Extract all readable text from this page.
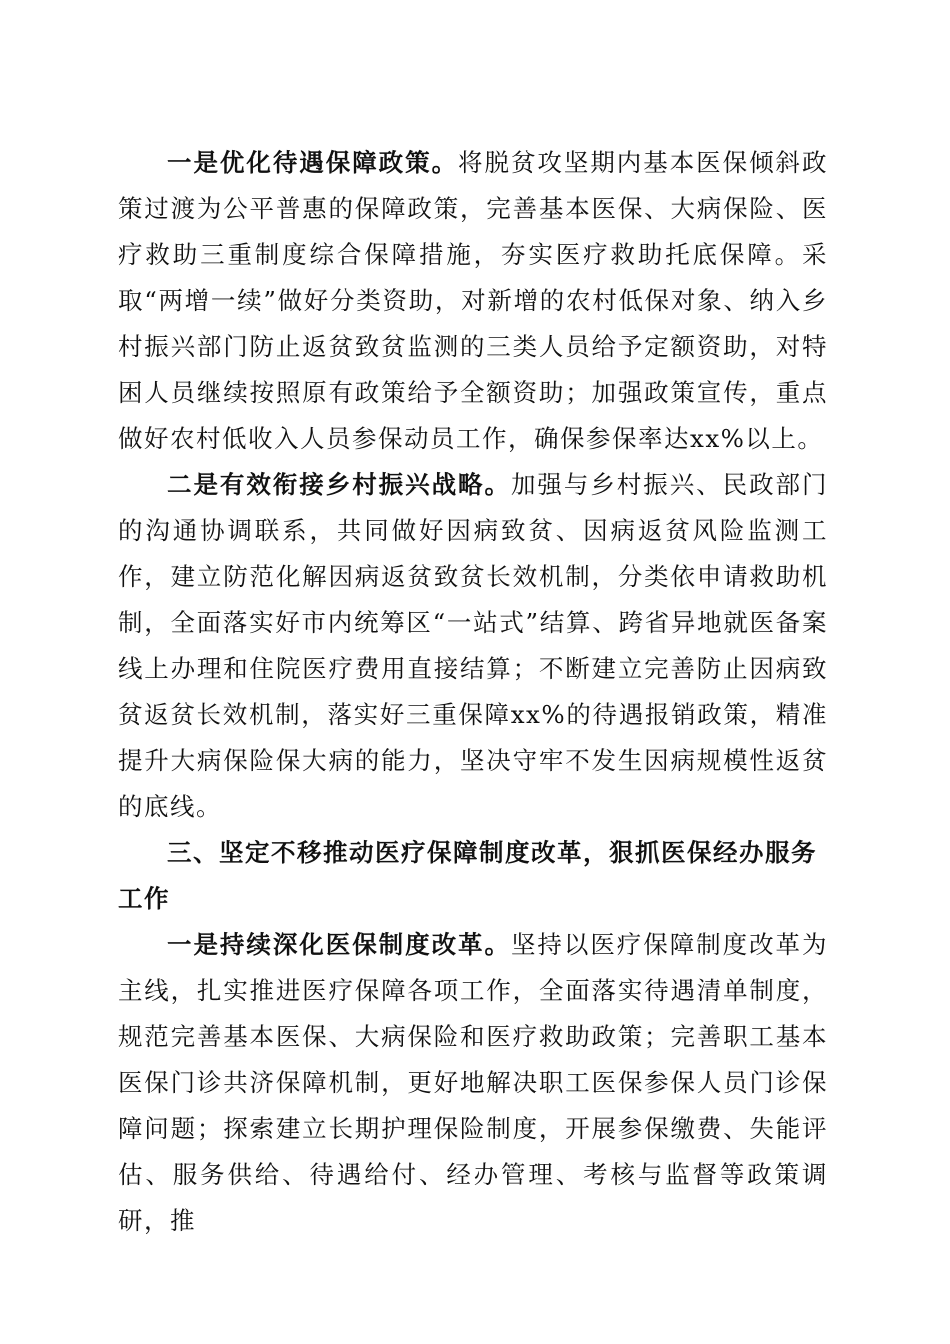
一是优化待遇保障政策。将脱贫攻坚期内基本医保倾斜政策过渡为公平普惠的保障政策，完善基本医保、大病保险、医疗救助三重制度综合保障措施，夯实医疗救助托底保障。采取“两增一续”做好分类资助，对新增的农村低保对象、纳入乡村振兴部门防止返贫致贫监测的三类人员给予定额资助，对特困人员继续按照原有政策给予全额资助；加强政策宣传，重点做好农村低收入人员参保动员工作，确保参保率达xx%以上。

二是有效衔接乡村振兴战略。加强与乡村振兴、民政部门的沟通协调联系，共同做好因病致贫、因病返贫风险监测工作，建立防范化解因病返贫致贫长效机制，分类依申请救助机制，全面落实好市内统筹区“一站式”结算、跨省异地就医备案线上办理和住院医疗费用直接结算；不断建立完善防止因病致贫返贫长效机制，落实好三重保障xx%的待遇报销政策，精准提升大病保险保大病的能力，坚决守牢不发生因病规模性返贫的底线。

三、坚定不移推动医疗保障制度改革，狠抓医保经办服务工作

一是持续深化医保制度改革。坚持以医疗保障制度改革为主线，扎实推进医疗保障各项工作，全面落实待遇清单制度，规范完善基本医保、大病保险和医疗救助政策；完善职工基本医保门诊共济保障机制，更好地解决职工医保参保人员门诊保障问题；探索建立长期护理保险制度，开展参保缴费、失能评估、服务供给、待遇给付、经办管理、考核与监督等政策调研，推
